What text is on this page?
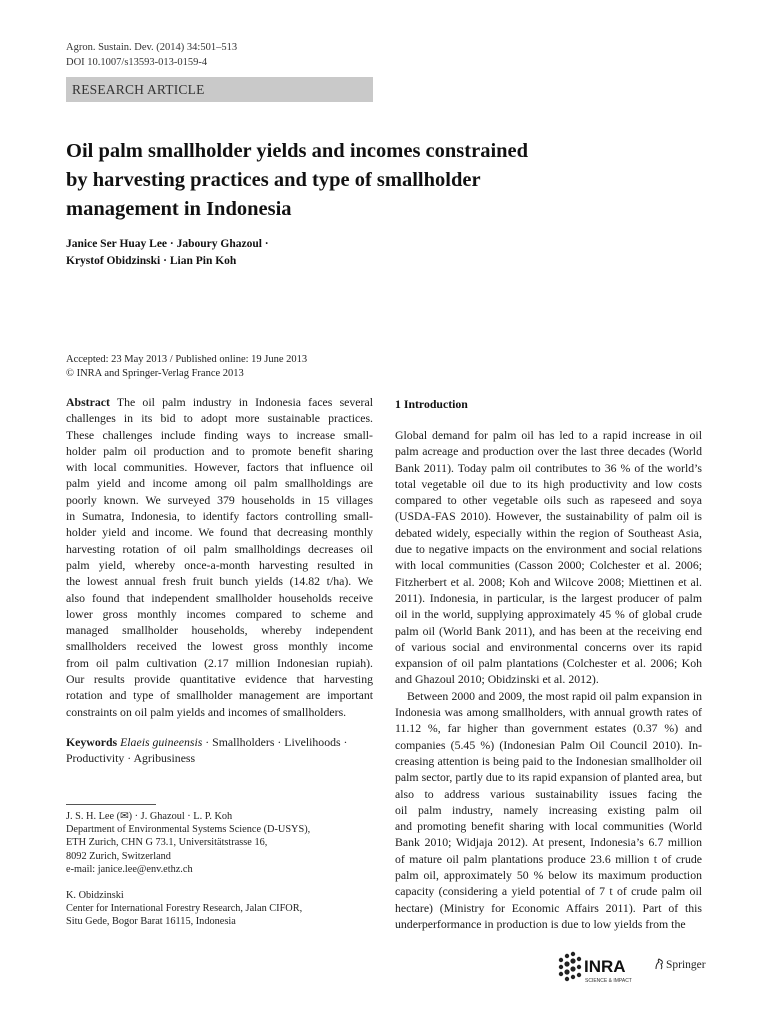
Agron. Sustain. Dev. (2014) 34:501–513
DOI 10.1007/s13593-013-0159-4
RESEARCH ARTICLE
Oil palm smallholder yields and incomes constrained
by harvesting practices and type of smallholder
management in Indonesia
Janice Ser Huay Lee · Jaboury Ghazoul ·
Krystof Obidzinski · Lian Pin Koh
Accepted: 23 May 2013 / Published online: 19 June 2013
© INRA and Springer-Verlag France 2013
Abstract The oil palm industry in Indonesia faces several
challenges in its bid to adopt more sustainable practices.
These challenges include finding ways to increase small-
holder palm oil production and to promote benefit sharing
with local communities. However, factors that influence oil
palm yield and income among oil palm smallholdings are
poorly known. We surveyed 379 households in 15 villages
in Sumatra, Indonesia, to identify factors controlling small-
holder yield and income. We found that decreasing monthly
harvesting rotation of oil palm smallholdings decreases oil
palm yield, whereby once-a-month harvesting resulted in
the lowest annual fresh fruit bunch yields (14.82 t/ha). We
also found that independent smallholder households receive
lower gross monthly incomes compared to scheme and
managed smallholder households, whereby independent
smallholders received the lowest gross monthly income
from oil palm cultivation (2.17 million Indonesian rupiah).
Our results provide quantitative evidence that harvesting
rotation and type of smallholder management are important
constraints on oil palm yields and incomes of smallholders.
Keywords Elaeis guineensis · Smallholders · Livelihoods ·
Productivity · Agribusiness
J. S. H. Lee (✉) · J. Ghazoul · L. P. Koh
Department of Environmental Systems Science (D-USYS),
ETH Zurich, CHN G 73.1, Universitätstrasse 16,
8092 Zurich, Switzerland
e-mail: janice.lee@env.ethz.ch
K. Obidzinski
Center for International Forestry Research, Jalan CIFOR,
Situ Gede, Bogor Barat 16115, Indonesia
1 Introduction
Global demand for palm oil has led to a rapid increase in oil
palm acreage and production over the last three decades (World
Bank 2011). Today palm oil contributes to 36 % of the world’s
total vegetable oil due to its high productivity and low costs
compared to other vegetable oils such as rapeseed and soya
(USDA-FAS 2010). However, the sustainability of palm oil is
debated widely, especially within the region of Southeast Asia,
due to negative impacts on the environment and social relations
with local communities (Casson 2000; Colchester et al. 2006;
Fitzherbert et al. 2008; Koh and Wilcove 2008; Miettinen et al.
2011). Indonesia, in particular, is the largest producer of palm
oil in the world, supplying approximately 45 % of global crude
palm oil (World Bank 2011), and has been at the receiving end
of various social and environmental concerns over its rapid
expansion of oil palm plantations (Colchester et al. 2006; Koh
and Ghazoul 2010; Obidzinski et al. 2012).
Between 2000 and 2009, the most rapid oil palm expansion in
Indonesia was among smallholders, with annual growth rates of
11.12 %, far higher than government estates (0.37 %) and
companies (5.45 %) (Indonesian Palm Oil Council 2010). In-
creasing attention is being paid to the Indonesian smallholder oil
palm sector, partly due to its rapid expansion of planted area, but
also to address various sustainability issues facing the
oil palm industry, namely increasing existing palm oil
and promoting benefit sharing with local communities (World
Bank 2010; Widjaja 2012). At present, Indonesia’s 6.7 million
of mature oil palm plantations produce 23.6 million t of crude
palm oil, approximately 50 % below its maximum production
capacity (considering a yield potential of 7 t of crude palm oil
hectare) (Ministry for Economic Affairs 2011). Part of this
underperformance in production is due to low yields from the
INRA
SCIENCE & IMPACT
Springer
